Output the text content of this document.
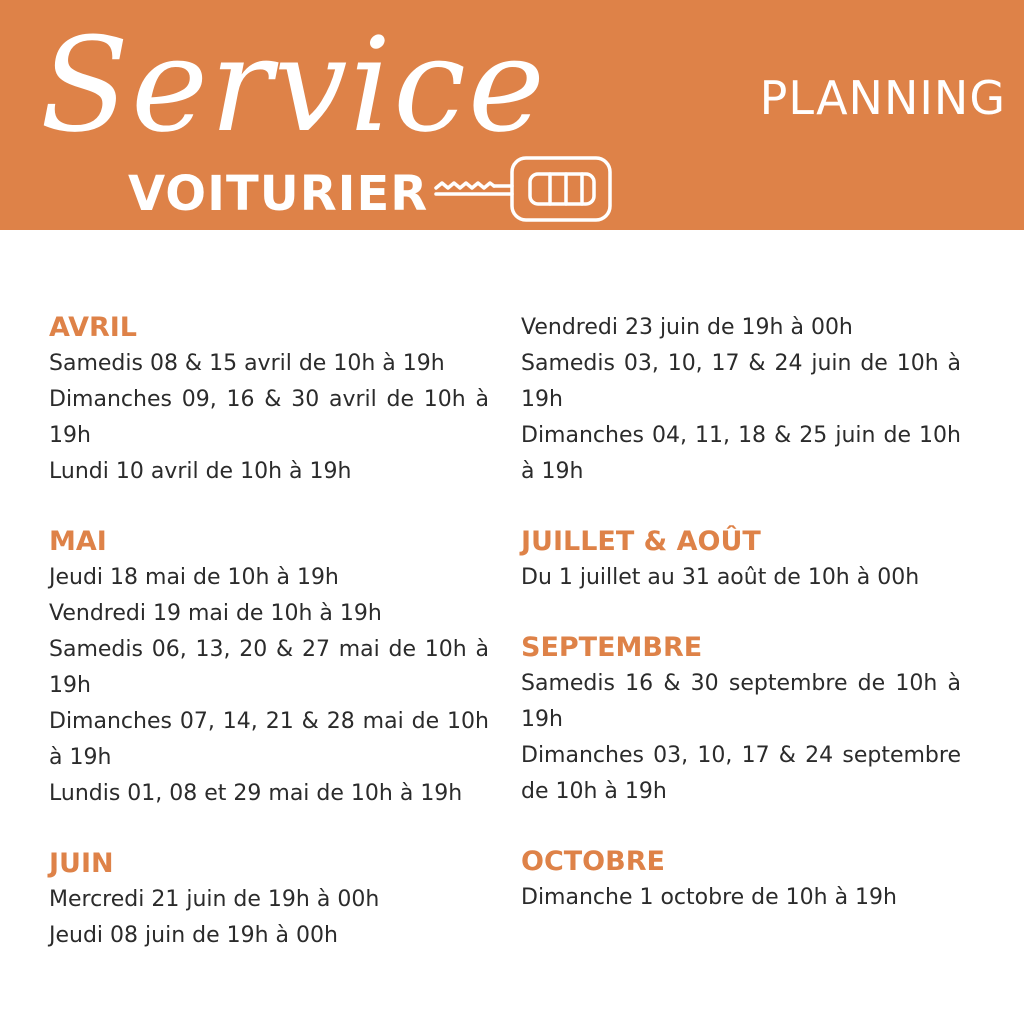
Service
VOITURIER
PLANNING

AVRIL

Samedis 08 & 15 avril de 10h à 19h

Dimanches 09, 16 & 30 avril de 10h à 19h

Lundi 10 avril de 10h à 19h

MAI

Jeudi 18 mai de 10h à 19h

Vendredi 19 mai de 10h à 19h

Samedis 06, 13, 20 & 27 mai de 10h à 19h

Dimanches 07, 14, 21 & 28 mai de 10h à 19h

Lundis 01, 08 et 29 mai de 10h à 19h

JUIN

Mercredi 21 juin de 19h à 00h

Jeudi 08 juin de 19h à 00h

Vendredi 23 juin de 19h à 00h

Samedis 03, 10, 17 & 24 juin de 10h à 19h

Dimanches 04, 11, 18 & 25 juin de 10h à 19h

JUILLET & AOÛT

Du 1 juillet au 31 août de 10h à 00h

SEPTEMBRE

Samedis 16 & 30 septembre de 10h à 19h

Dimanches 03, 10, 17 & 24 septembre de 10h à 19h

OCTOBRE

Dimanche 1 octobre de 10h à 19h
